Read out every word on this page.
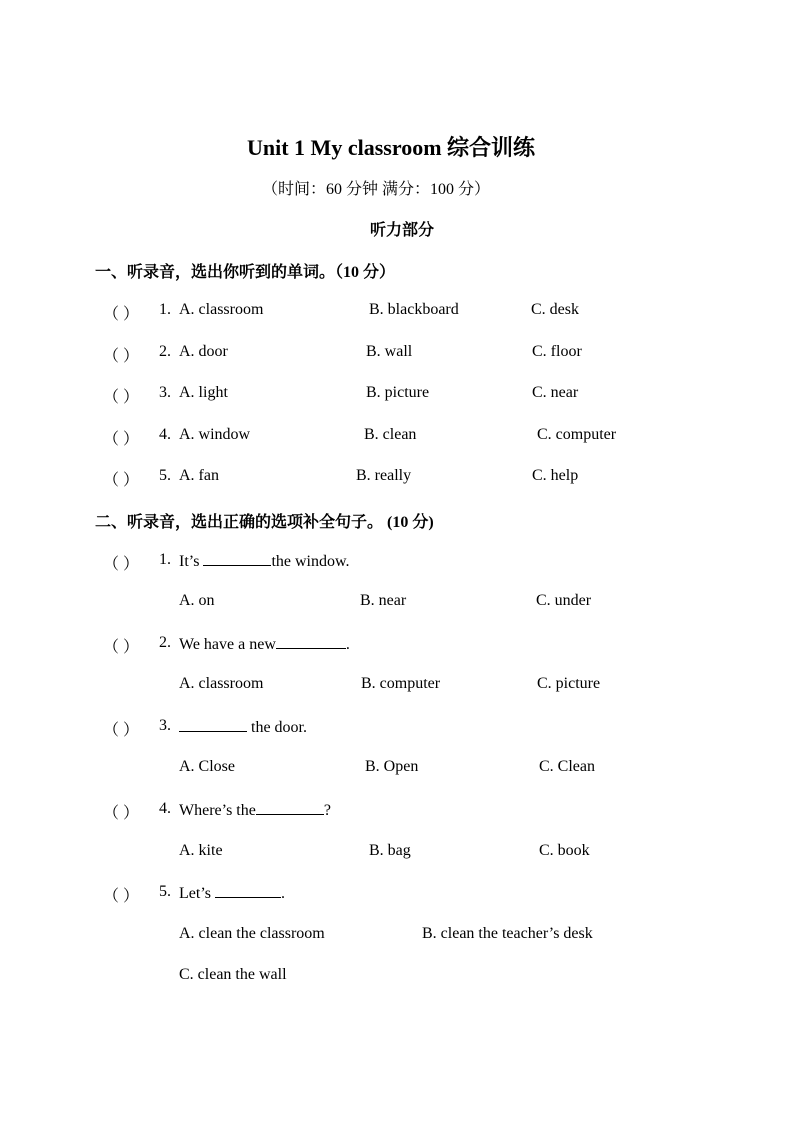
Unit 1 My classroom 综合训练
（时间：60 分钟 满分：100 分）
听力部分
一、听录音，选出你听到的单词。（10 分）
（ ） 1. A. classroom	B. blackboard	C. desk
（ ） 2. A. door	B. wall	C. floor
（ ） 3. A. light	B. picture	C. near
（ ） 4. A. window	B. clean	C. computer
（ ） 5. A. fan	B. really	C. help
二、听录音，选出正确的选项补全句子。 (10 分)
（ ） 1. It’s	the window.
A. on	B. near	C. under
（ ） 2. We have a new	.
A. classroom	B. computer	C. picture
（ ） 3.	the door.
A. Close	B. Open	C. Clean
（ ） 4. Where’s the	?
A. kite	B. bag	C. book
（ ） 5. Let’s	.
A. clean the classroom	B. clean the teacher’s desk
C. clean the wall
